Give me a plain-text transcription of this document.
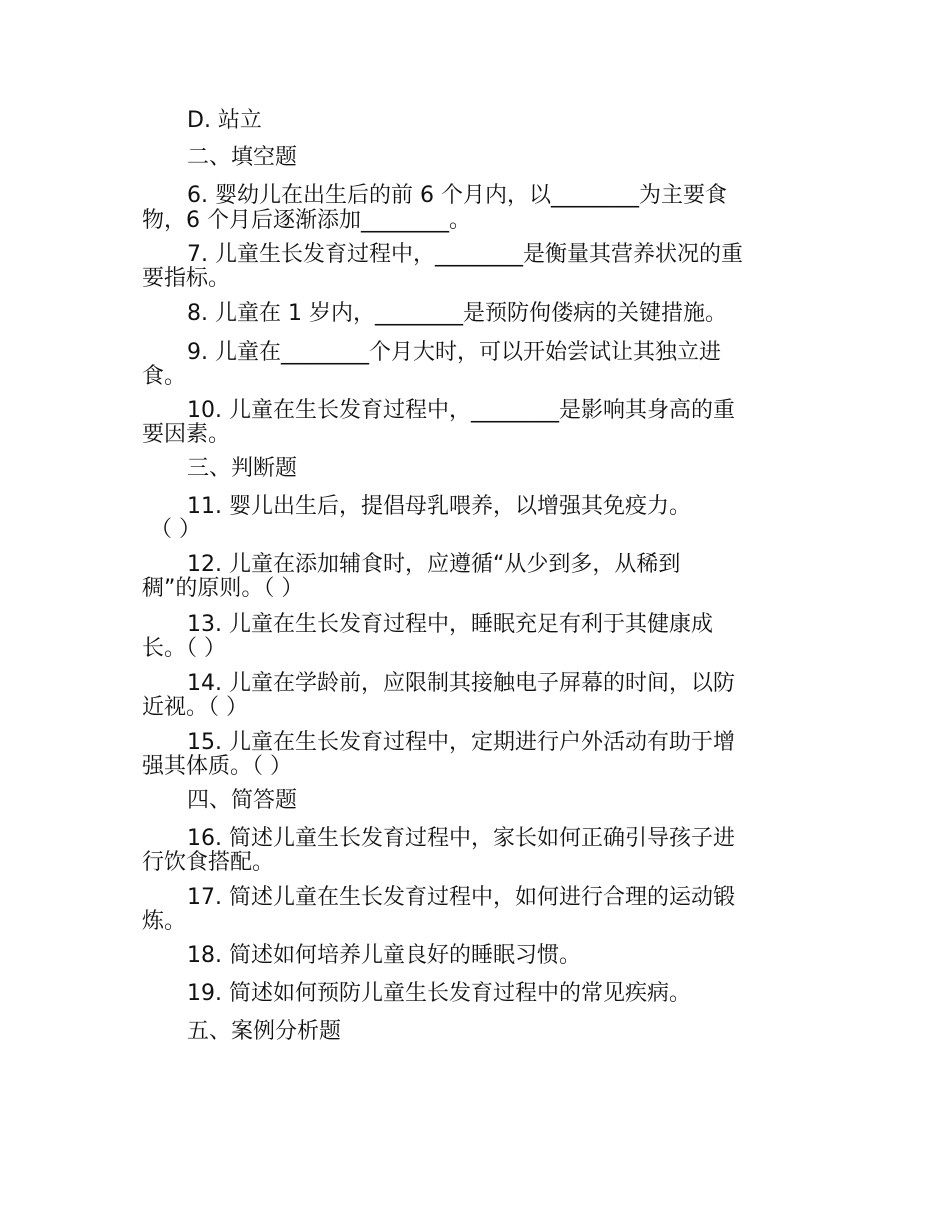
D. 站立
二、填空题
6. 婴幼儿在出生后的前 6 个月内，以________为主要食
物，6 个月后逐渐添加________。
7. 儿童生长发育过程中，________是衡量其营养状况的重
要指标。
8. 儿童在 1 岁内，________是预防佝偻病的关键措施。
9. 儿童在________个月大时，可以开始尝试让其独立进
食。
10. 儿童在生长发育过程中，________是影响其身高的重
要因素。
三、判断题
11. 婴儿出生后，提倡母乳喂养，以增强其免疫力。
（ ）
12. 儿童在添加辅食时，应遵循“从少到多，从稀到
稠”的原则。（ ）
13. 儿童在生长发育过程中，睡眠充足有利于其健康成
长。（ ）
14. 儿童在学龄前，应限制其接触电子屏幕的时间，以防
近视。（ ）
15. 儿童在生长发育过程中，定期进行户外活动有助于增
强其体质。（ ）
四、简答题
16. 简述儿童生长发育过程中，家长如何正确引导孩子进
行饮食搭配。
17. 简述儿童在生长发育过程中，如何进行合理的运动锻
炼。
18. 简述如何培养儿童良好的睡眠习惯。
19. 简述如何预防儿童生长发育过程中的常见疾病。
五、案例分析题
